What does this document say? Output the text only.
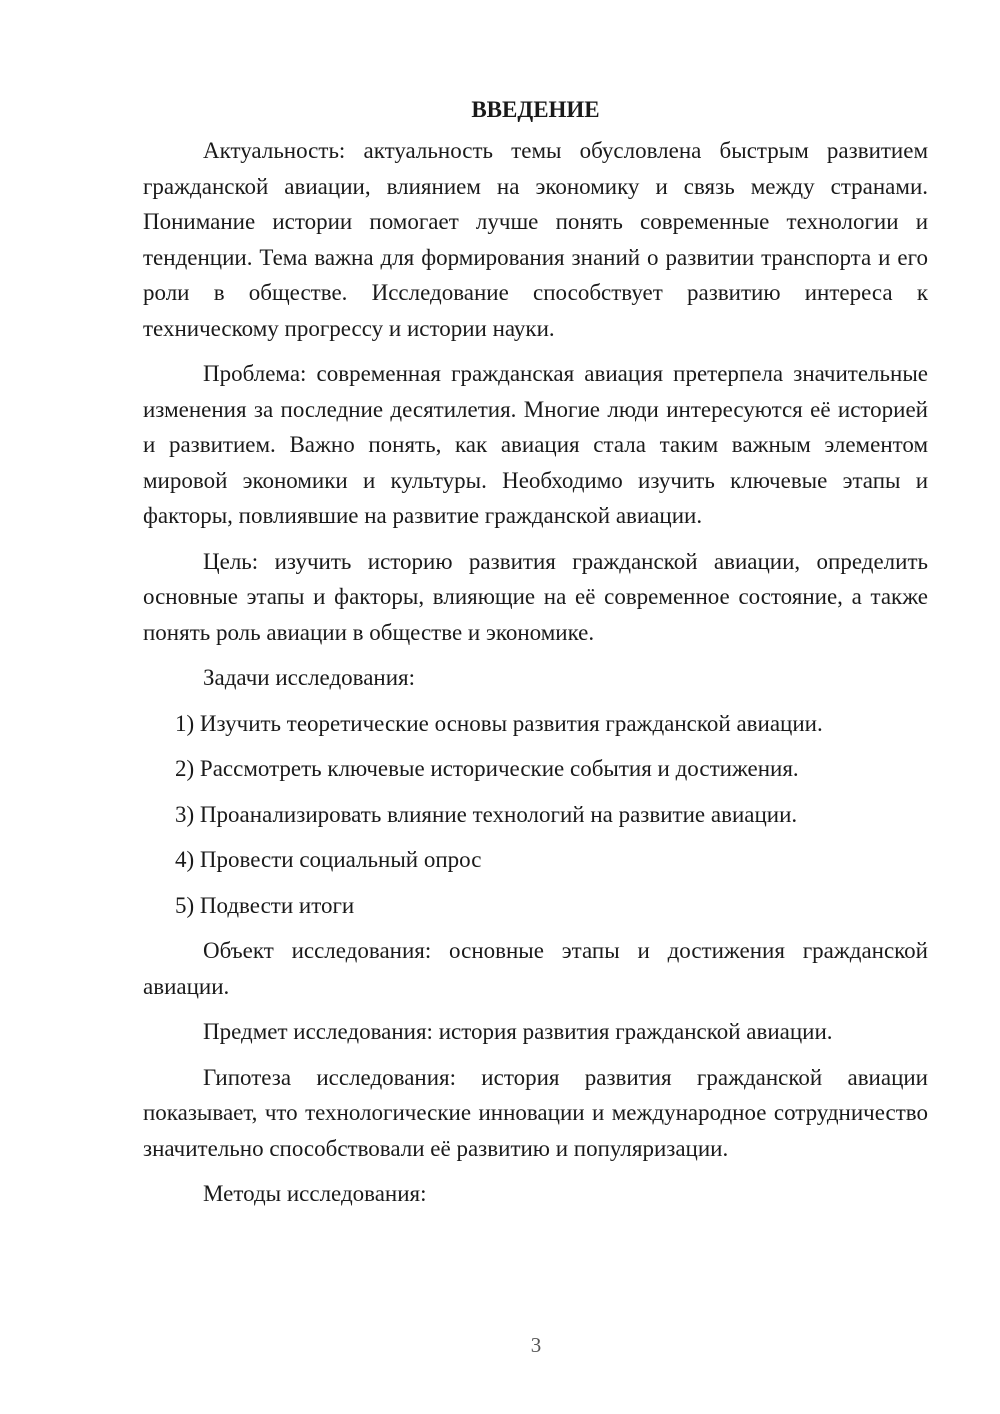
ВВЕДЕНИЕ

Актуальность: актуальность темы обусловлена быстрым развитием гражданской авиации, влиянием на экономику и связь между странами. Понимание истории помогает лучше понять современные технологии и тенденции. Тема важна для формирования знаний о развитии транспорта и его роли в обществе. Исследование способствует развитию интереса к техническому прогрессу и истории науки.

Проблема: современная гражданская авиация претерпела значительные изменения за последние десятилетия. Многие люди интересуются её историей и развитием. Важно понять, как авиация стала таким важным элементом мировой экономики и культуры. Необходимо изучить ключевые этапы и факторы, повлиявшие на развитие гражданской авиации.

Цель: изучить историю развития гражданской авиации, определить основные этапы и факторы, влияющие на её современное состояние, а также понять роль авиации в обществе и экономике.

Задачи исследования:

1) Изучить теоретические основы развития гражданской авиации.
2) Рассмотреть ключевые исторические события и достижения.
3) Проанализировать влияние технологий на развитие авиации.
4) Провести социальный опрос
5) Подвести итоги

Объект исследования: основные этапы и достижения гражданской авиации.

Предмет исследования: история развития гражданской авиации.

Гипотеза исследования: история развития гражданской авиации показывает, что технологические инновации и международное сотрудничество значительно способствовали её развитию и популяризации.

Методы исследования:

3
